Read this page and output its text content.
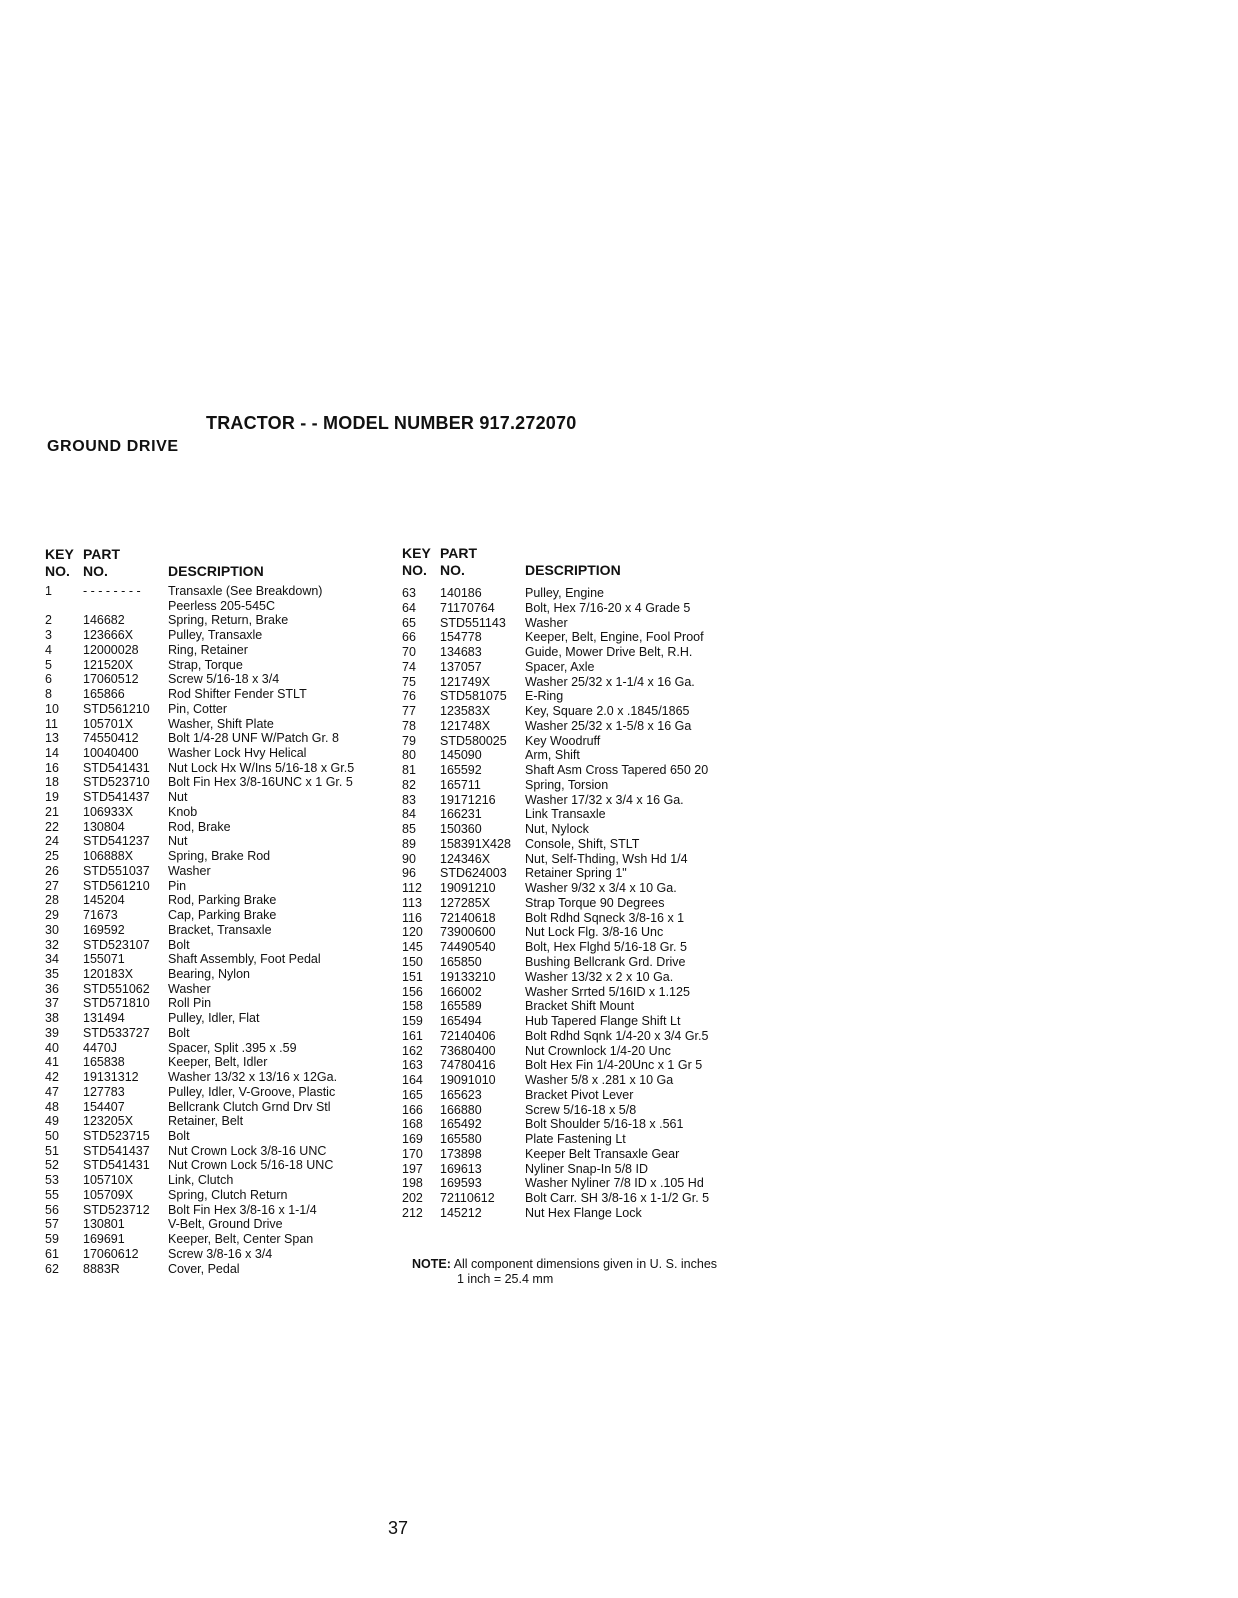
TRACTOR - - MODEL NUMBER 917.272070
GROUND DRIVE
KEY PART
NO. NO.	DESCRIPTION
1 - - - - - - - - Transaxle (See Breakdown)
Peerless 205-545C
2 146682	Spring, Return, Brake
3 123666X	Pulley, Transaxle
4 12000028 Ring, Retainer
5 121520X	Strap, Torque
6 17060512 Screw 5/16-18 x 3/4
8 165866	Rod Shifter Fender STLT
10 STD561210 Pin, Cotter
11 105701X	Washer, Shift Plate
13 74550412 Bolt 1/4-28 UNF W/Patch Gr. 8
14 10040400 Washer Lock Hvy Helical
16 STD541431 Nut Lock Hx W/Ins 5/16-18 x Gr.5
18 STD523710 Bolt Fin Hex 3/8-16UNC x 1 Gr. 5
19 STD541437 Nut
21 106933X	Knob
22 130804	Rod, Brake
24 STD541237 Nut
25 106888X	Spring, Brake Rod
26 STD551037 Washer
27 STD561210 Pin
28 145204	Rod, Parking Brake
29 71673	Cap, Parking Brake
30 169592	Bracket, Transaxle
32 STD523107 Bolt
34 155071	Shaft Assembly, Foot Pedal
35 120183X	Bearing, Nylon
36 STD551062 Washer
37 STD571810 Roll Pin
38 131494	Pulley, Idler, Flat
39 STD533727 Bolt
40 4470J	Spacer, Split .395 x .59
41 165838	Keeper, Belt, Idler
42 19131312 Washer 13/32 x 13/16 x 12Ga.
47 127783	Pulley, Idler, V-Groove, Plastic
48 154407	Bellcrank Clutch Grnd Drv Stl
49 123205X	Retainer, Belt
50 STD523715 Bolt
51 STD541437 Nut Crown Lock 3/8-16 UNC
52 STD541431 Nut Crown Lock 5/16-18 UNC
53 105710X	Link, Clutch
55 105709X	Spring, Clutch Return
56 STD523712 Bolt Fin Hex 3/8-16 x 1-1/4
57 130801	V-Belt, Ground Drive
59 169691	Keeper, Belt, Center Span
61 17060612 Screw 3/8-16 x 3/4
62 8883R	Cover, Pedal
KEY PART
NO. NO.	DESCRIPTION
63 140186	Pulley, Engine
64 71170764 Bolt, Hex 7/16-20 x 4 Grade 5
65 STD551143 Washer
66 154778	Keeper, Belt, Engine, Fool Proof
70 134683	Guide, Mower Drive Belt, R.H.
74 137057	Spacer, Axle
75 121749X	Washer 25/32 x 1-1/4 x 16 Ga.
76 STD581075 E-Ring
77 123583X	Key, Square 2.0 x .1845/1865
78 121748X	Washer 25/32 x 1-5/8 x 16 Ga
79 STD580025 Key Woodruff
80 145090	Arm, Shift
81 165592	Shaft Asm Cross Tapered 650 20
82 165711	Spring, Torsion
83 19171216 Washer 17/32 x 3/4 x 16 Ga.
84 166231	Link Transaxle
85 150360	Nut, Nylock
89 158391X428 Console, Shift, STLT
90 124346X	Nut, Self-Thding, Wsh Hd 1/4
96 STD624003 Retainer Spring 1"
112 19091210 Washer 9/32 x 3/4 x 10 Ga.
113 127285X	Strap Torque 90 Degrees
116 72140618 Bolt Rdhd Sqneck 3/8-16 x 1
120 73900600 Nut Lock Flg. 3/8-16 Unc
145 74490540 Bolt, Hex Flghd 5/16-18 Gr. 5
150 165850	Bushing Bellcrank Grd. Drive
151 19133210 Washer 13/32 x 2 x 10 Ga.
156 166002	Washer Srrted 5/16ID x 1.125
158 165589	Bracket Shift Mount
159 165494	Hub Tapered Flange Shift Lt
161 72140406 Bolt Rdhd Sqnk 1/4-20 x 3/4 Gr.5
162 73680400 Nut Crownlock 1/4-20 Unc
163 74780416 Bolt Hex Fin 1/4-20Unc x 1 Gr 5
164 19091010 Washer 5/8 x .281 x 10 Ga
165 165623	Bracket Pivot Lever
166 166880	Screw 5/16-18 x 5/8
168 165492	Bolt Shoulder 5/16-18 x .561
169 165580	Plate Fastening Lt
170 173898	Keeper Belt Transaxle Gear
197 169613	Nyliner Snap-In 5/8 ID
198 169593	Washer Nyliner 7/8 ID x .105 Hd
202 72110612 Bolt Carr. SH 3/8-16 x 1-1/2 Gr. 5
212 145212	Nut Hex Flange Lock
NOTE: All component dimensions given in U. S. inches
1 inch = 25.4 mm
37
